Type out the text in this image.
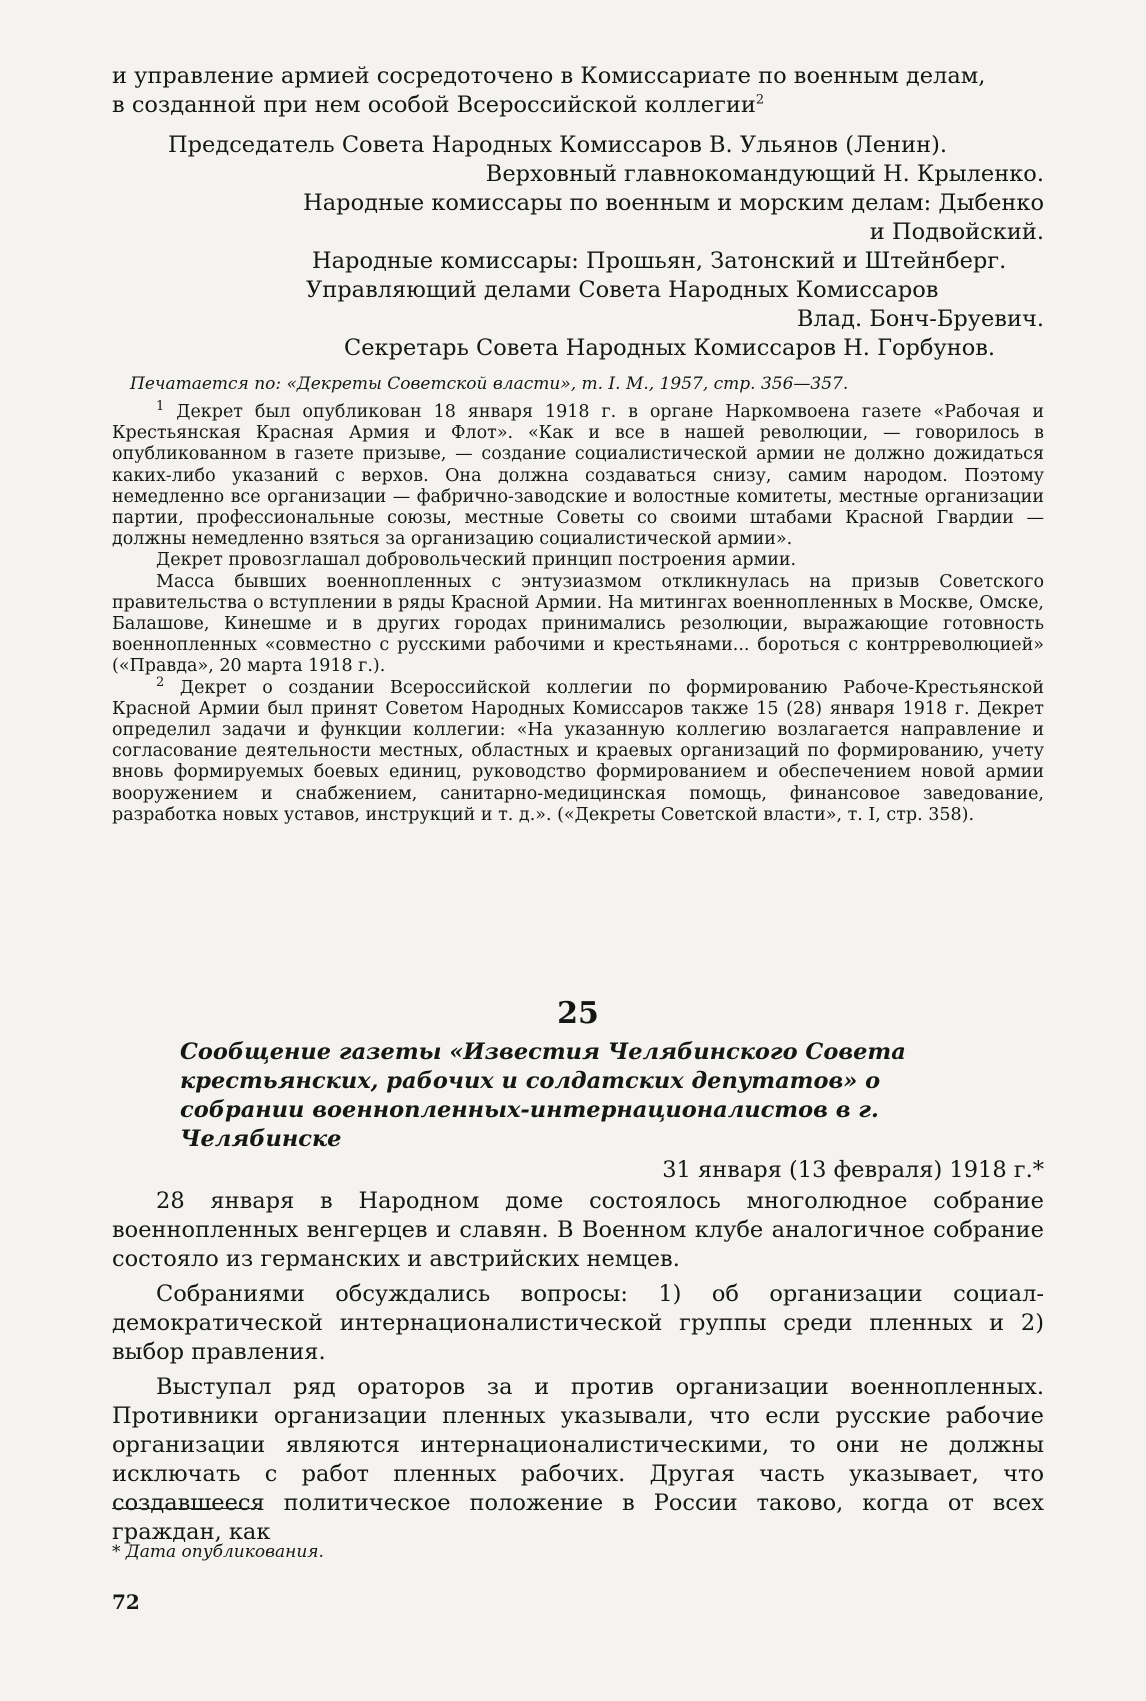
и управление армией сосредоточено в Комиссариате по военным делам,

в созданной при нем особой Всероссийской коллегии$^2$

Председатель Совета Народных Комиссаров В. Ульянов (Ленин).

Верховный главнокомандующий Н. Крыленко.

Народные комиссары по военным и морским делам: Дыбенко

и Подвойский.

Народные комиссары: Прошьян, Затонский и Штейнберг.

Управляющий делами Совета Народных Комиссаров

Влад. Бонч-Бруевич.

Секретарь Совета Народных Комиссаров Н. Горбунов.

Печатается по: «Декреты Советской власти», т. I. М., 1957, стр. 356—357.

$^1$ Декрет был опубликован 18 января 1918 г. в органе Наркомвоена газете «Рабочая и Крестьянская Красная Армия и Флот». «Как и все в нашей революции, — говорилось в опубликованном в газете призыве, — создание социалистической армии не должно дожидаться каких-либо указаний с верхов. Она должна создаваться снизу, самим народом. Поэтому немедленно все организации — фабрично-заводские и волостные комитеты, местные организации партии, профессиональные союзы, местные Советы со своими штабами Красной Гвардии — должны немедленно взяться за организацию социалистической армии».

Декрет провозглашал добровольческий принцип построения армии.

Масса бывших военнопленных с энтузиазмом откликнулась на призыв Советского правительства о вступлении в ряды Красной Армии. На митингах военнопленных в Москве, Омске, Балашове, Кинешме и в других городах принимались резолюции, выражающие готовность военнопленных «совместно с русскими рабочими и крестьянами... бороться с контрреволюцией» («Правда», 20 марта 1918 г.).

$^2$ Декрет о создании Всероссийской коллегии по формированию Рабоче-Крестьянской Красной Армии был принят Советом Народных Комиссаров также 15 (28) января 1918 г. Декрет определил задачи и функции коллегии: «На указанную коллегию возлагается направление и согласование деятельности местных, областных и краевых организаций по формированию, учету вновь формируемых боевых единиц, руководство формированием и обеспечением новой армии вооружением и снабжением, санитарно-медицинская помощь, финансовое заведование, разработка новых уставов, инструкций и т. д.». («Декреты Советской власти», т. I, стр. 358).

25

Сообщение газеты «Известия Челябинского Совета крестьянских, рабочих и солдатских депутатов» о собрании военнопленных-интернационалистов в г. Челябинске

31 января (13 февраля) 1918 г.*

28 января в Народном доме состоялось многолюдное собрание военнопленных венгерцев и славян. В Военном клубе аналогичное собрание состояло из германских и австрийских немцев.

Собраниями обсуждались вопросы: 1) об организации социал-демократической интернационалистической группы среди пленных и 2) выбор правления.

Выступал ряд ораторов за и против организации военнопленных. Противники организации пленных указывали, что если русские рабочие организации являются интернационалистическими, то они не должны исключать с работ пленных рабочих. Другая часть указывает, что создавшееся политическое положение в России таково, когда от всех граждан, как

* Дата опубликования.

72
